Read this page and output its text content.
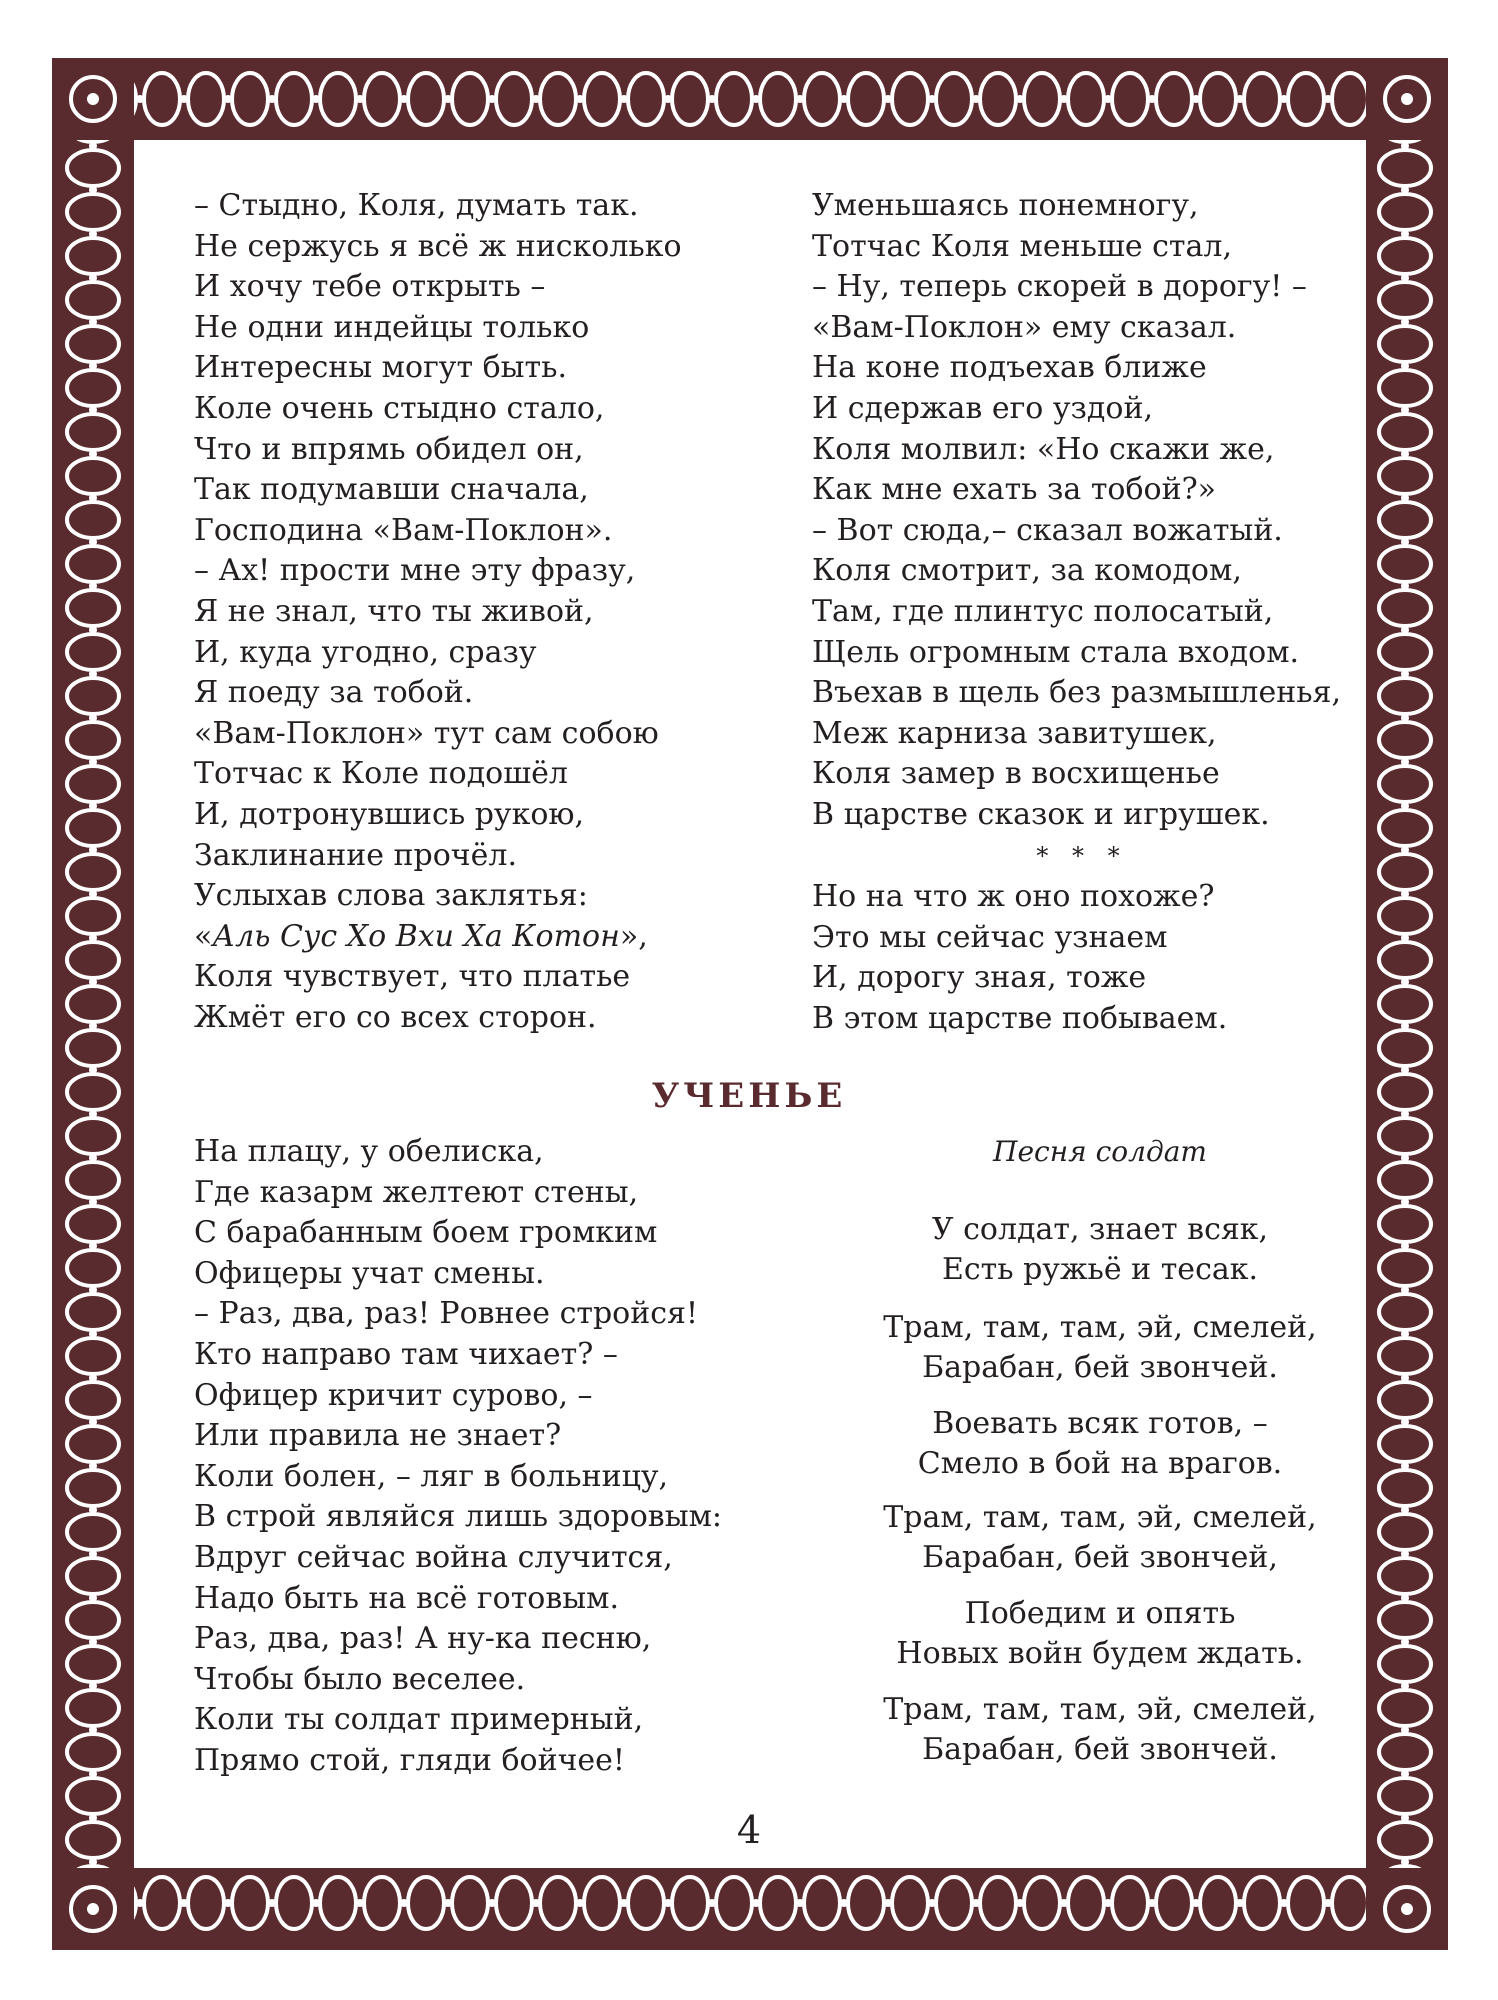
– Стыдно, Коля, думать так.
Не сержусь я всё ж нисколько
И хочу тебе открыть –
Не одни индейцы только
Интересны могут быть.
Коле очень стыдно стало,
Что и впрямь обидел он,
Так подумавши сначала,
Господина «Вам-Поклон».
– Ах! прости мне эту фразу,
Я не знал, что ты живой,
И, куда угодно, сразу
Я поеду за тобой.
«Вам-Поклон» тут сам собою
Тотчас к Коле подошёл
И, дотронувшись рукою,
Заклинание прочёл.
Услыхав слова заклятья:
«Аль Сус Хо Вхи Ха Котон»,
Коля чувствует, что платье
Жмёт его со всех сторон.
Уменьшаясь понемногу,
Тотчас Коля меньше стал,
– Ну, теперь скорей в дорогу! –
«Вам-Поклон» ему сказал.
На коне подъехав ближе
И сдержав его уздой,
Коля молвил: «Но скажи же,
Как мне ехать за тобой?»
– Вот сюда,– сказал вожатый.
Коля смотрит, за комодом,
Там, где плинтус полосатый,
Щель огромным стала входом.
Въехав в щель без размышленья,
Меж карниза завитушек,
Коля замер в восхищенье
В царстве сказок и игрушек.
* * *
Но на что ж оно похоже?
Это мы сейчас узнаем
И, дорогу зная, тоже
В этом царстве побываем.
УЧЕНЬЕ
На плацу, у обелиска,
Где казарм желтеют стены,
С барабанным боем громким
Офицеры учат смены.
– Раз, два, раз! Ровнее стройся!
Кто направо там чихает? –
Офицер кричит сурово, –
Или правила не знает?
Коли болен, – ляг в больницу,
В строй являйся лишь здоровым:
Вдруг сейчас война случится,
Надо быть на всё готовым.
Раз, два, раз! А ну-ка песню,
Чтобы было веселее.
Коли ты солдат примерный,
Прямо стой, гляди бойчее!
Песня солдат
У солдат, знает всяк,
Есть ружьё и тесак.
Трам, там, там, эй, смелей,
Барабан, бей звончей.
Воевать всяк готов, –
Смело в бой на врагов.
Трам, там, там, эй, смелей,
Барабан, бей звончей,
Победим и опять
Новых войн будем ждать.
Трам, там, там, эй, смелей,
Барабан, бей звончей.
4
